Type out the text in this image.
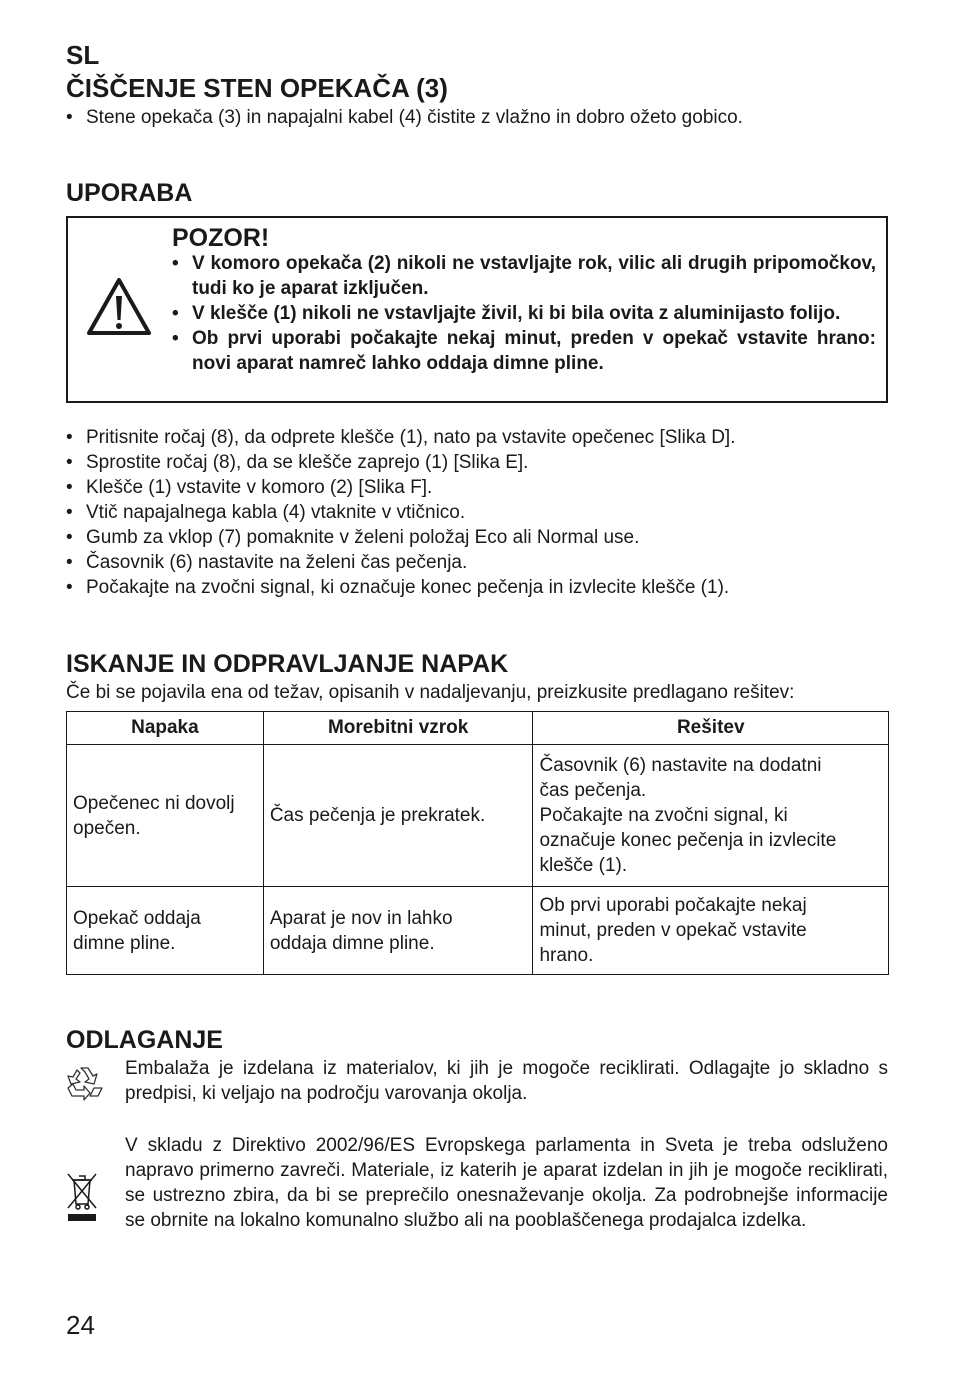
SL
ČIŠČENJE STEN OPEKAČA (3)
• Stene opekača (3) in napajalni kabel (4) čistite z vlažno in dobro ožeto gobico.
UPORABA
POZOR!
• V komoro opekača (2) nikoli ne vstavljajte rok, vilic ali drugih pripomočkov, tudi ko je aparat izključen.
• V klešče (1) nikoli ne vstavljajte živil, ki bi bila ovita z aluminijasto folijo.
• Ob prvi uporabi počakajte nekaj minut, preden v opekač vstavite hrano: novi aparat namreč lahko oddaja dimne pline.
• Pritisnite ročaj (8), da odprete klešče (1), nato pa vstavite opečenec [Slika D].
• Sprostite ročaj (8), da se klešče zaprejo (1) [Slika E].
• Klešče (1) vstavite v komoro (2) [Slika F].
• Vtič napajalnega kabla (4) vtaknite v vtičnico.
• Gumb za vklop (7) pomaknite v želeni položaj Eco ali Normal use.
• Časovnik (6) nastavite na želeni čas pečenja.
• Počakajte na zvočni signal, ki označuje konec pečenja in izvlecite klešče (1).
ISKANJE IN ODPRAVLJANJE NAPAK
Če bi se pojavila ena od težav, opisanih v nadaljevanju, preizkusite predlagano rešitev:
Napaka	Morebitni vzrok	Rešitev

Opečenec ni dovolj
opečen.	Čas pečenja je prekratek.	Časovnik (6) nastavite na dodatni
čas pečenja.
Počakajte na zvočni signal, ki
označuje konec pečenja in izvlecite
klešče (1).

Opekač oddaja
dimne pline.	Aparat je nov in lahko
oddaja dimne pline.	Ob prvi uporabi počakajte nekaj
minut, preden v opekač vstavite
hrano.
ODLAGANJE
Embalaža je izdelana iz materialov, ki jih je mogoče reciklirati. Odlagajte jo skladno s predpisi, ki veljajo na področju varovanja okolja.
V skladu z Direktivo 2002/96/ES Evropskega parlamenta in Sveta je treba odsluženo napravo primerno zavreči. Materiale, iz katerih je aparat izdelan in jih je mogoče reciklirati, se ustrezno zbira, da bi se preprečilo onesnaževanje okolja. Za podrobnejše informacije se obrnite na lokalno komunalno službo ali na pooblaščenega prodajalca izdelka.
24
